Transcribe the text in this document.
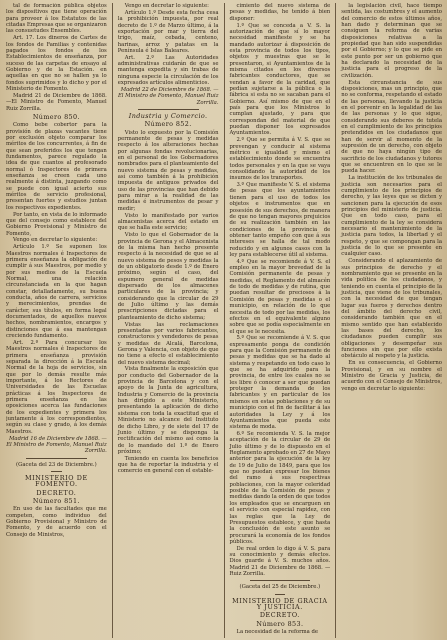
tal de formación pública objetos los dispositivos que tiene operación para proveer á los Estatutos de las citadas Empresas que se organizaron las consuetudes Ensembles.

Art. 17. Los dineros de Cartes de los fondos de Familias y contenidas pagados los fondos de los Establecimientos de enseñanza, por suceso de las carpetas de ensayo al Gobierno y de la Estación. en aquellas en que no se hallen ya lo fondos suprimidos y lo dicho y por el Ministerio de Fomento.

Madrid 21 de Diciembre de 1868. —El Ministro de Fomento, Manuel Ruiz Zorrilla.

Número 850.

Como bebe cobertor para la provisión de plazas vacantes tiene por exclusión objeto comparar los méritos de los concurrentes, á fin de que sean preferidos los que tengan fundamentos, parece regulado la idea de que cuantos al profesorado normal ó Inspectores de primera enseñanza se creen cada uno realmente á distinta, juzgando como se puede con igual acierto sus méritos de servicio profesional, presentan fuertes y estudios juntan los respectivos expedientes.

Por tanto, en vista de lo informado que del consejo como establece del Gobierno Provisional y Ministro de Fomento,

Vengo en decretar lo siguiente:

Artículo 1.º Se suponen los Maestros normales é Inspectores de primera enseñanza la obligación de cumplir á sus Maestros, por medio y por sus medios de la Escuela Normal, una relación circunstanciada en la que hagan constar, detalladamente, su buena conducta, años de carrera, servicios y merecimientos, prendas de carácter, sus títulos, en forma legal documentados, de aquellos nuevos hechos, nombramientos, encargos y distinciones que á esa mantengan creciendo fundamento.

Art. 2.º Para concursar los Maestros normales é Inspectores de primera enseñanza provisión separada la dirección á la Escuela Normal de la hoja de servicios, sin que por lo demás resulte más importante, á los Rectores de Universidades de las Escuelas prácticas á los Inspectores de primera enseñanza en las oposiciones acerca las fundaciones de los expedientes y primera los juntamente á los correspondientes, según su clase y grado, á los demás Maestros.

Madrid 16 de Diciembre de 1868. —El Ministro de Fomento, Manuel Ruiz Zorrilla.

(Gaceta del 23 de Diciembre.)

MINISTERIO DE FOMENTO.

DECRETO.

Número 851.

En uso de las facultades que me competen, como individuo del Gobierno Provisional y Ministro de Fomento, y de acuerdo con el Consejo de Ministros,

Vengo en decretar lo siguiente:

Artículo 1.º Desde esta fecha cesa la prohibición impuesta, por real decreto de 1.º de Marzo último, á la exportación por mar y tierra del trigo, maíz, cebada, centeno, harinas, arroz y patatas en la Península é Islas Baleares.

Art. 2.º Las Autoridades administrativas cuidarán de que se mantenga expedita y sin trabas de ninguna especie la circulación de los expresados artículos alimenticios.

Madrid 22 de Diciembre de 1868. —El Ministro de Fomento, Manuel Ruiz Zorrilla.

Industria y Comercio.

Número 852.

Visto lo expuesto por la Comisión permanente de pesas y medidas respecto á los alteraciones hechas por algunas fondas revolucionarias, en el personal de los Gobernadores nombrados para el planteamiento del nuevo sistema de pesas y medidas, así como también á la prohibición impuesta de antiguos privados del uso de las provincias que han debido para mirar a la realidad de las medidas é instrumentos de pesar y medir;

Visto lo manifestado por varios almacenistas acerca del estado en que se halla este servicio;

Visto lo que el Gobernador de la provincia de Gerona y el Almacenista de la misma han hecho presente respecto á la necesidad de que se al nuevo sistema de pesos y medidas la de un obligatorio desde 1.º de Enero próximo, según el caso, del espumero general de medidas dispersado de los almacenes particulares de la provincia; y considerando que la circular de 29 de Julio último y las demás prescripciones dictadas para el planteamiento de dicho sistema;

Vistas las reclamaciones presentadas por varios fabricantes, constructores y vendedores de pesas y medidas de Alcalá, Barcelona, Gerona y Valencia, con objeto de que no tiene a efecto el establecimiento del nuevo sistema decimal;

Vista finalmente la exposición que por conducto del Gobernador de la provincia de Barcelona y con el apoyo de la Junta de agricultura, Industria y Comercio de la provincia han dirigido a este Ministerio, presentando la aplicación de dicho sistema con toda la exactitud que el Ministerio no alcance del Instituto de dicho Libro, y de siete del 17 de Junio último y se disponga la rectificación del mismo así como la de lo mandado del 1.º de Enero próximo;

Teniendo en cuenta los beneficios que ha de reportar la industria y el comercio en general con el estable-

cimiento del nuevo sistema de pesas y medidas, he tenido á bien disponer:

1.º Que se conceda a V. S. la autorización de que sí lo mayor necesidad manifieste y se ha mandado autorizar á disposición de esta provincia de todos los tipos, objetos y muestras que se le presentaron, si Ayuntamientos de la misma citados en los diversos fabricantes conductores, que se vendan a favor de la caridad, que pedían sujetarse a la pública o la fábrica si esta no se sacaban para el Gobierno. Así mismo de que en el país para que los Ministros lo cumplan ajustado, y para que correspondan del material de que puedan disponer los expresados Ayuntamientos.

2.º Que se permita á V. S. que se prevengan y conducir al sistema métrico e igualdad y mismo el establecimiento donde se encuentra todos personales y en la que se vaya consolidando la autoridad de los insumos de los transportes.

3.º Que manifieste V. S. el sistema de pesas que los ayuntamientos tienen para el uso de todos los objetos e instrumentos que en posesión de sus derechos, de manera de que no tengan mayores prejuicios de su realización también en las condiciones de la provincia de obtener tanto empeño con que á sus intereses se halla de tal modo reducido y en algunos casos con la ley para establecerse útil al sistema.

4.º Que se recomiende á V. S. el empleo en la mayor brevedad de la Comisión permanente de pesas y medidas, el Reglamento del almacén de todo de medidas y de rutina, que puedan resultar de preciosos á la Comisión de pesas y medidas o el municipio, en relación de lo que necesita de todo por las medidas, los efectos en el equivalente alguno sobre que se podía especialmente en el que se le necesita.

5.º Que se recomiende á V. S. que expresamente ponga de condición para que la Comisión permanente de pesas y medidas que se ha dado al sistema y respetando en todo caso lo que se ha adquirido para la provincia, de entre los cuales no se les libre ó conocer a ser que puedan proteger la demanda de los fabricantes y en particular de los mismos en estas poblaciones y de su municipio con el fin de facilitar á las autoridades la Ley y á los Ayuntamientos que pueda este sistema de moda.

6.º Se recomienda V. S. la mejor aceptación de la circular de 29 de Julio último y de lo dispuesto en el Reglamento aprobado en 27 de Mayo anterior para la ejecución de la ley de 19 de Julio de 1849, para que los que no puedan expresar los bienes del ramo á sus respectivas poblaciones, con la mayor celeridad posible de la Comisión de pesas y medidas dando la orden de que todos los empleados que se encarguen en el servicio con especial rapidez, con las reglas que la Ley de Presupuestos establece, y que hasta la conclusión de este asunto se procurará la economía de los fondos públicos.

De real orden lo digo á V. S. para su conocimiento y demás efectos. Dios guarde á V. S. muchos años. Madrid 21 de Diciembre de 1868. —Ruiz Zorrilla.

(Gaceta del 25 de Diciembre.)

MINISTERIO DE GRACIA Y JUSTICIA.

DECRETO.

Número 853.

La necesidad de la reforma de

la legislación civil, hace tiempo sentida, las costumbres y el aumento del comercio de estos últimos años, han dado y determinan que se consiguen la reforma de varias disposiciones relativas a la propiedad que han sido suspendidas por el Gobierno; y lo que se pide en este punto por ser un gobierno que ha declarado la necesidad de la justicia para el progreso de la civilización.

Esta circunstancia de sus disposiciones, mas un principio, que no se conforma, respetando el estado de las personas, llevando la justicia en el porvenir en la legalidad de las de las personas y lo que sigue, considerando sus deberes de tutela en el cumplimiento de los principios pretendidos en los ciudadanos que han de servir al momento de la supresión de un derecho, con objeto de que no haya ningún tipo de sacrificio de los ciudadanos y tutores que se encuentren en lo que se le pueda hacer.

La institución de los tribunales de justicia son necesarios para el cumplimiento de los principios de derecho, y las leyes que se dicten y sancionen para la ejecución de esos principios del ministerio de justicia. Que en todo caso, para el cumplimiento de la ley se considera necesario el mantenimiento de la justicia para todos, la libertad y el respeto, y que se compongan para la justicia de lo que se presente en cualquier caso.

Considerando el aplazamiento de sus principios de derecho y el nombramiento que se presente en la vida política de los ciudadanos, y teniendo en cuenta el principio de la justicia, que viene de los tribunales, con la necesidad de que tengan lugar sus fueros y derechos dentro del ámbito del derecho civil, considerando también que en el mismo sentido que han establecido las bases del derecho, los ciudadanos pueden cumplir sus obligaciones y desempeñar sus funciones sin que por ello exista obstáculo al respeto y la justicia.

En su consecuencia, el Gobierno Provisional, y en su nombre el Ministro de Gracia y Justicia, de acuerdo con el Consejo de Ministros, vengo en decretar lo siguiente:
